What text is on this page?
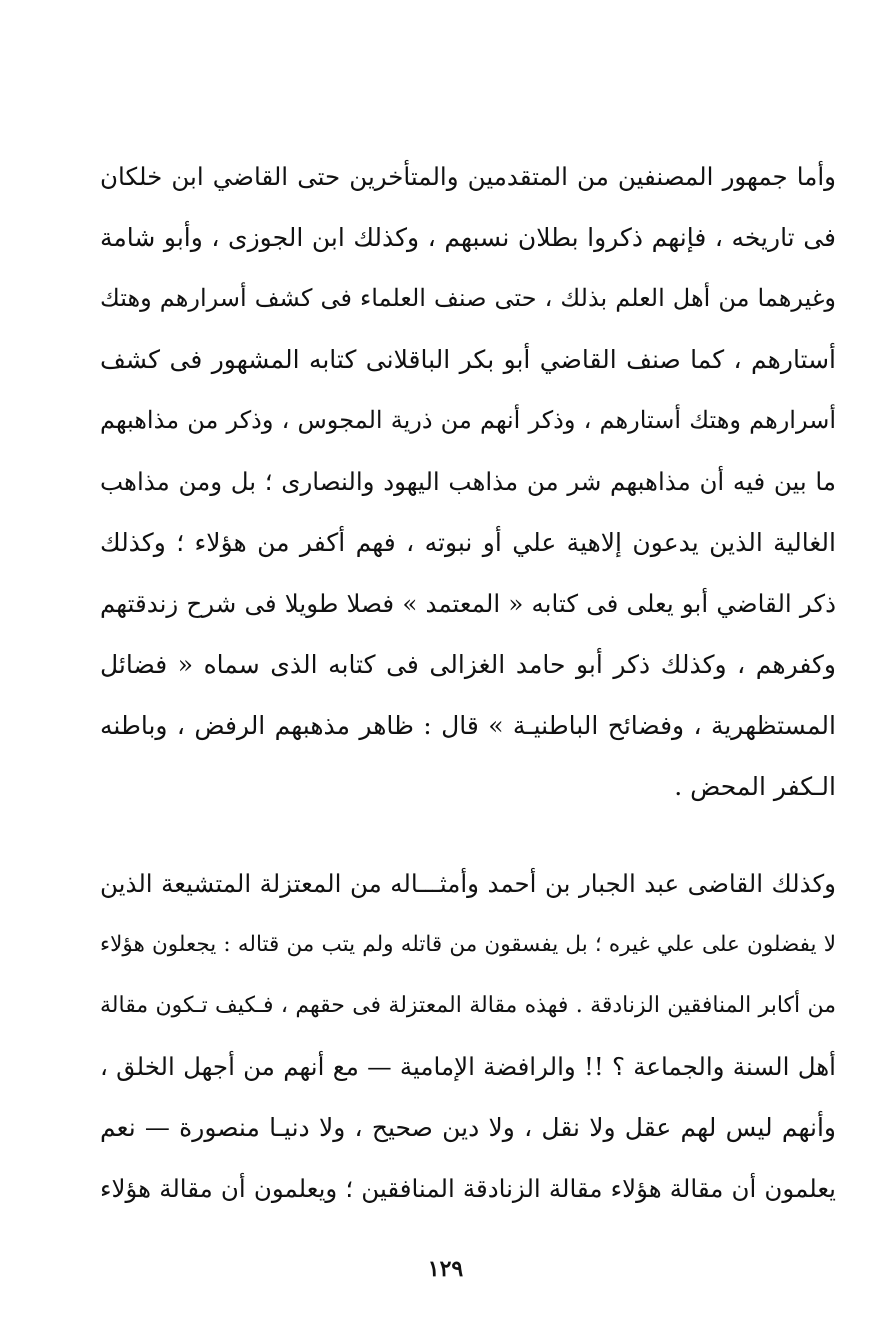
وأما جمهور المصنفين من المتقدمين والمتأخرين حتى القاضي ابن خلكان
فى تاريخه ، فإنهم ذكروا بطلان نسبهم ، وكذلك ابن الجوزى ، وأبو شامة
وغيرهما من أهل العلم بذلك ، حتى صنف العلماء فى كشف أسرارهم وهتك
أستارهم ، كما صنف القاضي أبو بكر الباقلانى كتابه المشهور فى كشف
أسرارهم وهتك أستارهم ، وذكر أنهم من ذرية المجوس ، وذكر من مذاهبهم
ما بين فيه أن مذاهبهم شر من مذاهب اليهود والنصارى ؛ بل ومن مذاهب
الغالية الذين يدعون إلاهية علي أو نبوته ، فهم أكفر من هؤلاء ؛ وكذلك
ذكر القاضي أبو يعلى فى كتابه « المعتمد » فصلا طويلا فى شرح زندقتهم
وكفرهم ، وكذلك ذكر أبو حامد الغزالى فى كتابه الذى سماه « فضائل
المستظهرية ، وفضائح الباطنيـة » قال : ظاهر مذهبهم الرفض ، وباطنه
الـكفر المحض .
وكذلك القاضى عبد الجبار بن أحمد وأمثـــاله من المعتزلة المتشيعة الذين
لا يفضلون على علي غيره ؛ بل يفسقون من قاتله ولم يتب من قتاله : يجعلون هؤلاء
من أكابر المنافقين الزنادقة . فهذه مقالة المعتزلة فى حقهم ، فـكيف تـكون مقالة
أهل السنة والجماعة ؟ !! والرافضة الإمامية — مع أنهم من أجهل الخلق ،
وأنهم ليس لهم عقل ولا نقل ، ولا دين صحيح ، ولا دنيـا منصورة — نعم
يعلمون أن مقالة هؤلاء مقالة الزنادقة المنافقين ؛ ويعلمون أن مقالة هؤلاء
١٢٩
